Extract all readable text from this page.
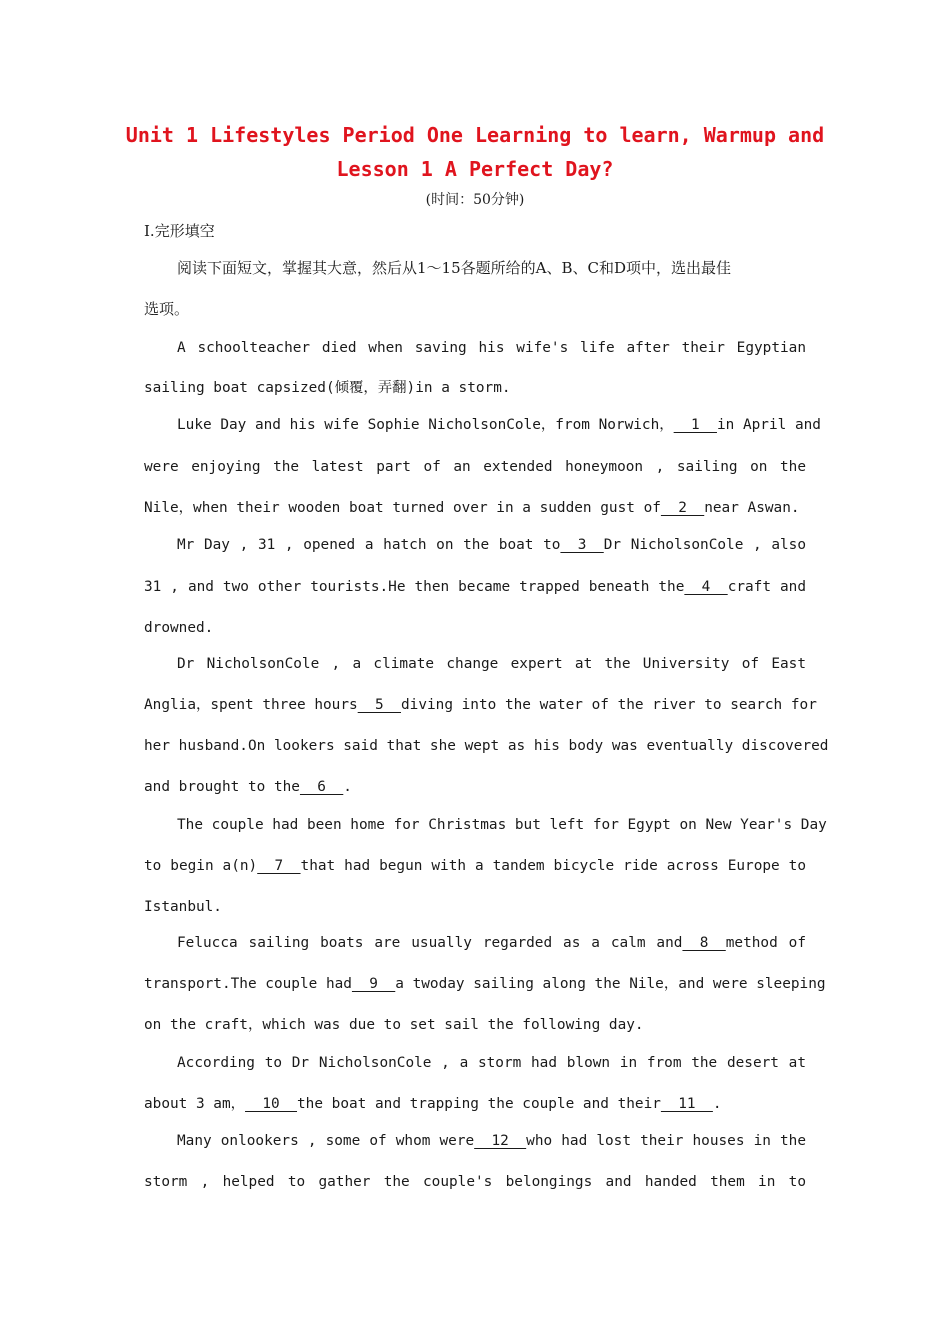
Unit 1 Lifestyles Period One Learning to learn, Warmup and
Lesson 1 A Perfect Day?
(时间：50分钟)
Ⅰ.完形填空
阅读下面短文，掌握其大意，然后从1～15各题所给的A、B、C和D项中，选出最佳
选项。
A schoolteacher died when saving his wife's life after their Egyptian
sailing boat capsized(倾覆，弄翻)in a storm.
Luke Day and his wife Sophie NicholsonCole，from Norwich，  1  in April and
were enjoying the latest part of an extended honeymoon , sailing on the
Nile，when their wooden boat turned over in a sudden gust of  2  near Aswan.
Mr Day , 31 , opened a hatch on the boat to  3  Dr NicholsonCole , also
31 , and two other tourists.He then became trapped beneath the  4  craft and
drowned.
Dr NicholsonCole , a climate change expert at the University of East
Anglia，spent three hours  5  diving into the water of the river to search for
her husband.On lookers said that she wept as his body was eventually discovered
and brought to the  6  .
The couple had been home for Christmas but left for Egypt on New Year's Day
to begin a(n)  7  that had begun with a tandem bicycle ride across Europe to
Istanbul.
Felucca sailing boats are usually regarded as a calm and  8  method of
transport.The couple had  9  a twoday sailing along the Nile，and were sleeping
on the craft，which was due to set sail the following day.
According to Dr NicholsonCole , a storm had blown in from the desert at
about 3 am，  10  the boat and trapping the couple and their  11  .
Many onlookers , some of whom were  12  who had lost their houses in the
storm , helped to gather the couple's belongings and handed them in to
